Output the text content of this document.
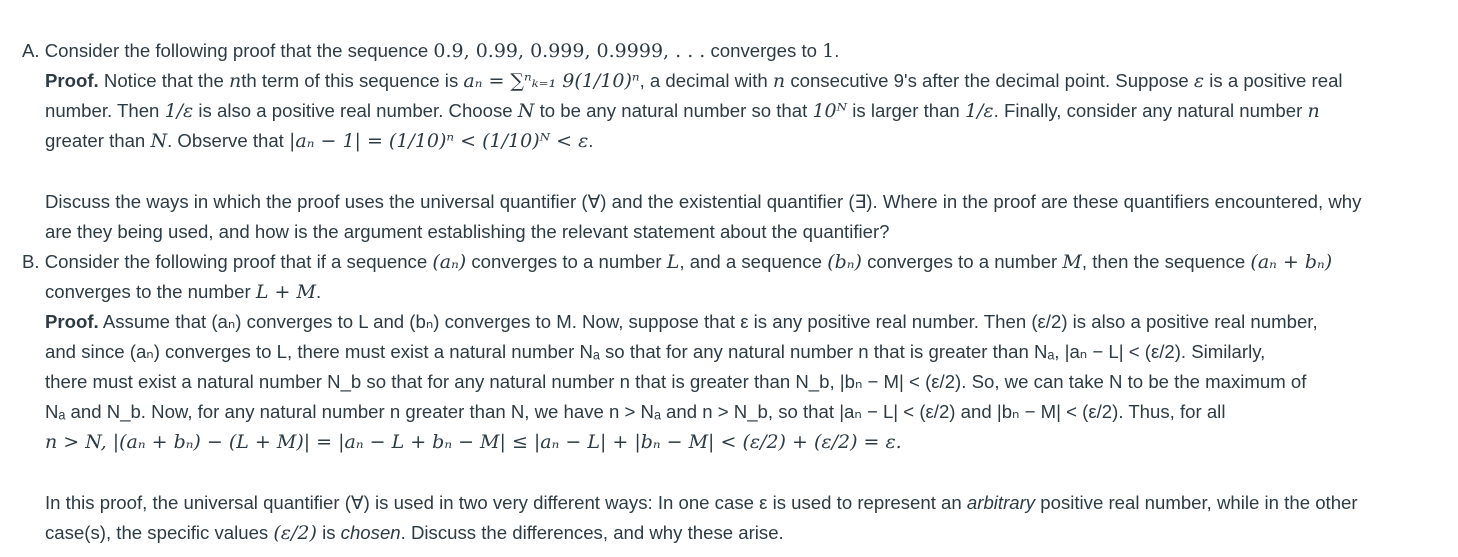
A. Consider the following proof that the sequence 0.9, 0.99, 0.999, 0.9999, . . . converges to 1.
Proof. Notice that the nth term of this sequence is aₙ = ∑ⁿₖ₌₁ 9(1/10)ⁿ, a decimal with n consecutive 9's after the decimal point. Suppose ε is a positive real
number. Then 1/ε is also a positive real number. Choose N to be any natural number so that 10ᴺ is larger than 1/ε. Finally, consider any natural number n
greater than N. Observe that |aₙ − 1| = (1/10)ⁿ < (1/10)ᴺ < ε.
Discuss the ways in which the proof uses the universal quantifier (∀) and the existential quantifier (∃). Where in the proof are these quantifiers encountered, why
are they being used, and how is the argument establishing the relevant statement about the quantifier?
B. Consider the following proof that if a sequence (aₙ) converges to a number L, and a sequence (bₙ) converges to a number M, then the sequence (aₙ + bₙ)
converges to the number L + M.
Proof. Assume that (aₙ) converges to L and (bₙ) converges to M. Now, suppose that ε is any positive real number. Then (ε/2) is also a positive real number,
and since (aₙ) converges to L, there must exist a natural number Nₐ so that for any natural number n that is greater than Nₐ, |aₙ − L| < (ε/2). Similarly,
there must exist a natural number N_b so that for any natural number n that is greater than N_b, |bₙ − M| < (ε/2). So, we can take N to be the maximum of
Nₐ and N_b. Now, for any natural number n greater than N, we have n > Nₐ and n > N_b, so that |aₙ − L| < (ε/2) and |bₙ − M| < (ε/2). Thus, for all
n > N, |(aₙ + bₙ) − (L + M)| = |aₙ − L + bₙ − M| ≤ |aₙ − L| + |bₙ − M| < (ε/2) + (ε/2) = ε.
In this proof, the universal quantifier (∀) is used in two very different ways: In one case ε is used to represent an arbitrary positive real number, while in the other
case(s), the specific values (ε/2) is chosen. Discuss the differences, and why these arise.
